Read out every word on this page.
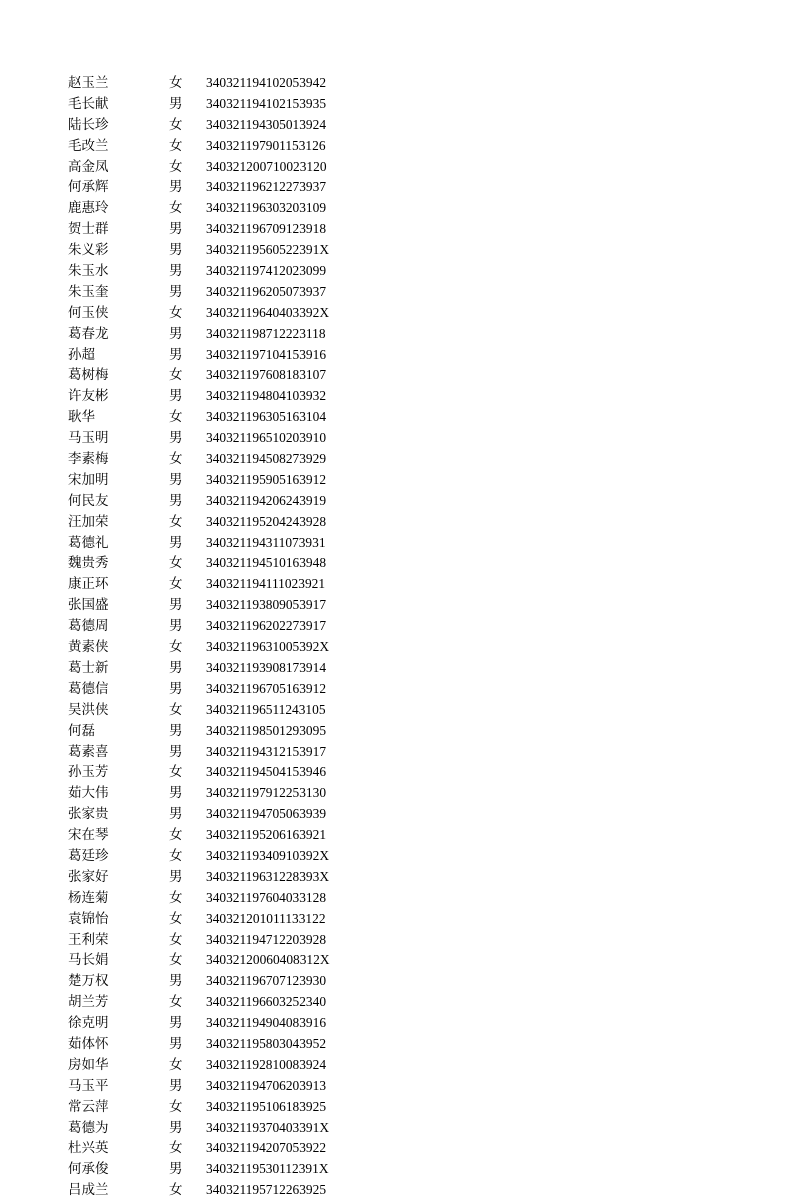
赵玉兰	女 340321194102053942
毛长献	男 340321194102153935
陆长珍	女 340321194305013924
毛改兰	女 340321197901153126
高金凤	女 340321200710023120
何承辉	男 340321196212273937
鹿惠玲	女 340321196303203109
贺士群	男 340321196709123918
朱义彩	男 34032119560522391X
朱玉水	男 340321197412023099
朱玉奎	男 340321196205073937
何玉侠	女 34032119640403392X
葛春龙	男 340321198712223118
孙超	男 340321197104153916
葛树梅	女 340321197608183107
许友彬	男 340321194804103932
耿华	女 340321196305163104
马玉明	男 340321196510203910
李素梅	女 340321194508273929
宋加明	男 340321195905163912
何民友	男 340321194206243919
汪加荣	女 340321195204243928
葛德礼	男 340321194311073931
魏贵秀	女 340321194510163948
康正环	女 340321194111023921
张国盛	男 340321193809053917
葛德周	男 340321196202273917
黄素侠	女 34032119631005392X
葛士新	男 340321193908173914
葛德信	男 340321196705163912
吴洪侠	女 340321196511243105
何磊	男 340321198501293095
葛素喜	男 340321194312153917
孙玉芳	女 340321194504153946
茹大伟	男 340321197912253130
张家贵	男 340321194705063939
宋在琴	女 340321195206163921
葛廷珍	女 34032119340910392X
张家好	男 34032119631228393X
杨连菊	女 340321197604033128
袁锦怡	女 340321201011133122
王利荣	女 340321194712203928
马长娟	女 34032120060408312X
楚万权	男 340321196707123930
胡兰芳	女 340321196603252340
徐克明	男 340321194904083916
茹体怀	男 340321195803043952
房如华	女 340321192810083924
马玉平	男 340321194706203913
常云萍	女 340321195106183925
葛德为	男 34032119370403391X
杜兴英	女 340321194207053922
何承俊	男 34032119530112391X
吕成兰	女 340321195712263925
